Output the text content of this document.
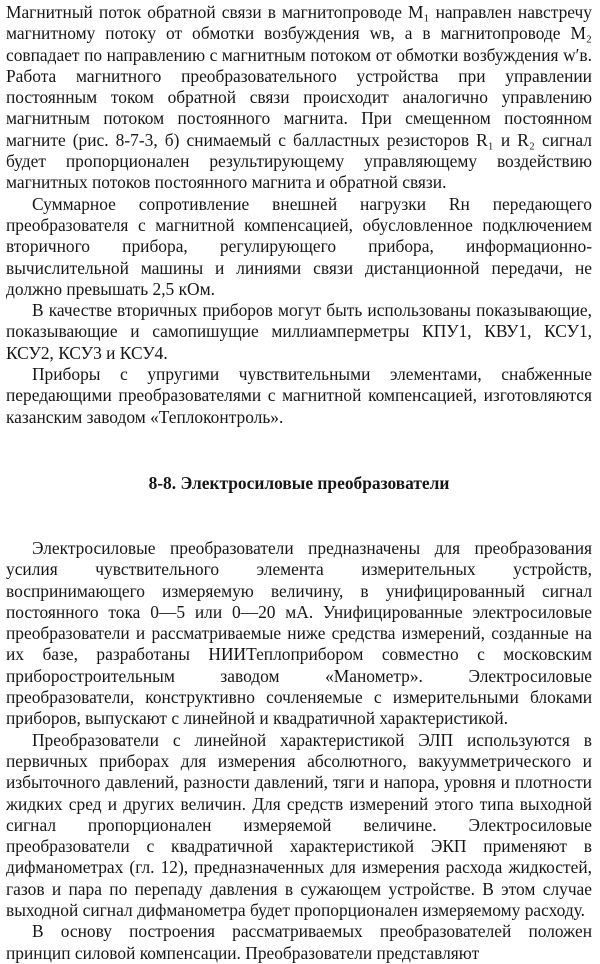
Магнитный поток обратной связи в магнитопроводе M₁ направлен навстречу магнитному потоку от обмотки возбуждения wв, а в магнитопроводе M₂ совпадает по направлению с магнитным потоком от обмотки возбуждения w′в. Работа магнитного преобразовательного устройства при управлении постоянным током обратной связи происходит аналогично управлению магнитным потоком постоянного магнита. При смещенном постоянном магните (рис. 8-7-3, б) снимаемый с балластных резисторов R₁ и R₂ сигнал будет пропорционален результирующему управляющему воздействию магнитных потоков постоянного магнита и обратной связи.

Суммарное сопротивление внешней нагрузки Rн передающего преобразователя с магнитной компенсацией, обусловленное подключением вторичного прибора, регулирующего прибора, информационно-вычислительной машины и линиями связи дистанционной передачи, не должно превышать 2,5 кОм.

В качестве вторичных приборов могут быть использованы показывающие, показывающие и самопишущие миллиамперметры КПУ1, КВУ1, КСУ1, КСУ2, КСУ3 и КСУ4.

Приборы с упругими чувствительными элементами, снабженные передающими преобразователями с магнитной компенсацией, изготовляются казанским заводом «Теплоконтроль».

8-8. Электросиловые преобразователи

Электросиловые преобразователи предназначены для преобразования усилия чувствительного элемента измерительных устройств, воспринимающего измеряемую величину, в унифицированный сигнал постоянного тока 0—5 или 0—20 мА. Унифицированные электросиловые преобразователи и рассматриваемые ниже средства измерений, созданные на их базе, разработаны НИИТеплоприбором совместно с московским приборостроительным заводом «Манометр». Электросиловые преобразователи, конструктивно сочленяемые с измерительными блоками приборов, выпускают с линейной и квадратичной характеристикой.

Преобразователи с линейной характеристикой ЭЛП используются в первичных приборах для измерения абсолютного, вакуумметрического и избыточного давлений, разности давлений, тяги и напора, уровня и плотности жидких сред и других величин. Для средств измерений этого типа выходной сигнал пропорционален измеряемой величине. Электросиловые преобразователи с квадратичной характеристикой ЭКП применяют в дифманометрах (гл. 12), предназначенных для измерения расхода жидкостей, газов и пара по перепаду давления в сужающем устройстве. В этом случае выходной сигнал дифманометра будет пропорционален измеряемому расходу.

В основу построения рассматриваемых преобразователей положен принцип силовой компенсации. Преобразователи представляют
